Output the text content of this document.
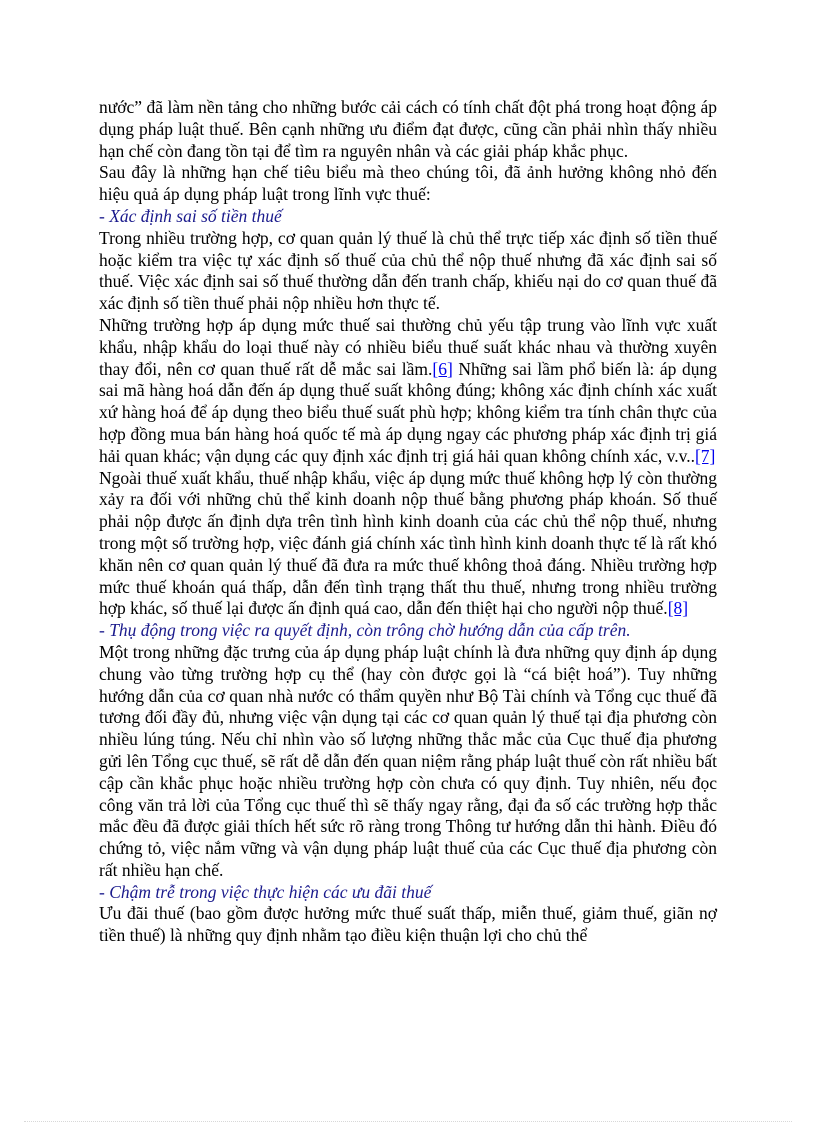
nước” đã làm nền tảng cho những bước cải cách có tính chất đột phá trong hoạt động áp dụng pháp luật thuế. Bên cạnh những ưu điểm đạt được, cũng cần phải nhìn thấy nhiều hạn chế còn đang tồn tại để tìm ra nguyên nhân và các giải pháp khắc phục.

Sau đây là những hạn chế tiêu biểu mà theo chúng tôi, đã ảnh hưởng không nhỏ đến hiệu quả áp dụng pháp luật trong lĩnh vực thuế:

- Xác định sai số tiền thuế

Trong nhiều trường hợp, cơ quan quản lý thuế là chủ thể trực tiếp xác định số tiền thuế hoặc kiểm tra việc tự xác định số thuế của chủ thể nộp thuế nhưng đã xác định sai số thuế. Việc xác định sai số thuế thường dẫn đến tranh chấp, khiếu nại do cơ quan thuế đã xác định số tiền thuế phải nộp nhiều hơn thực tế.

Những trường hợp áp dụng mức thuế sai thường chủ yếu tập trung vào lĩnh vực xuất khẩu, nhập khẩu do loại thuế này có nhiều biểu thuế suất khác nhau và thường xuyên thay đổi, nên cơ quan thuế rất dễ mắc sai lầm.[6] Những sai lầm phổ biến là: áp dụng sai mã hàng hoá dẫn đến áp dụng thuế suất không đúng; không xác định chính xác xuất xứ hàng hoá để áp dụng theo biểu thuế suất phù hợp; không kiểm tra tính chân thực của hợp đồng mua bán hàng hoá quốc tế mà áp dụng ngay các phương pháp xác định trị giá hải quan khác; vận dụng các quy định xác định trị giá hải quan không chính xác, v.v..[7]

Ngoài thuế xuất khẩu, thuế nhập khẩu, việc áp dụng mức thuế không hợp lý còn thường xảy ra đối với những chủ thể kinh doanh nộp thuế bằng phương pháp khoán. Số thuế phải nộp được ấn định dựa trên tình hình kinh doanh của các chủ thể nộp thuế, nhưng trong một số trường hợp, việc đánh giá chính xác tình hình kinh doanh thực tế là rất khó khăn nên cơ quan quản lý thuế đã đưa ra mức thuế không thoả đáng. Nhiều trường hợp mức thuế khoán quá thấp, dẫn đến tình trạng thất thu thuế, nhưng trong nhiều trường hợp khác, số thuế lại được ấn định quá cao, dẫn đến thiệt hại cho người nộp thuế.[8]

- Thụ động trong việc ra quyết định, còn trông chờ hướng dẫn của cấp trên.

Một trong những đặc trưng của áp dụng pháp luật chính là đưa những quy định áp dụng chung vào từng trường hợp cụ thể (hay còn được gọi là “cá biệt hoá”). Tuy những hướng dẫn của cơ quan nhà nước có thẩm quyền như Bộ Tài chính và Tổng cục thuế đã tương đối đầy đủ, nhưng việc vận dụng tại các cơ quan quản lý thuế tại địa phương còn nhiều lúng túng. Nếu chỉ nhìn vào số lượng những thắc mắc của Cục thuế địa phương gửi lên Tổng cục thuế, sẽ rất dễ dẫn đến quan niệm rằng pháp luật thuế còn rất nhiều bất cập cần khắc phục hoặc nhiều trường hợp còn chưa có quy định. Tuy nhiên, nếu đọc công văn trả lời của Tổng cục thuế thì sẽ thấy ngay rằng, đại đa số các trường hợp thắc mắc đều đã được giải thích hết sức rõ ràng trong Thông tư hướng dẫn thi hành. Điều đó chứng tỏ, việc nắm vững và vận dụng pháp luật thuế của các Cục thuế địa phương còn rất nhiều hạn chế.

- Chậm trễ trong việc thực hiện các ưu đãi thuế

Ưu đãi thuế (bao gồm được hưởng mức thuế suất thấp, miễn thuế, giảm thuế, giãn nợ tiền thuế) là những quy định nhằm tạo điều kiện thuận lợi cho chủ thể
